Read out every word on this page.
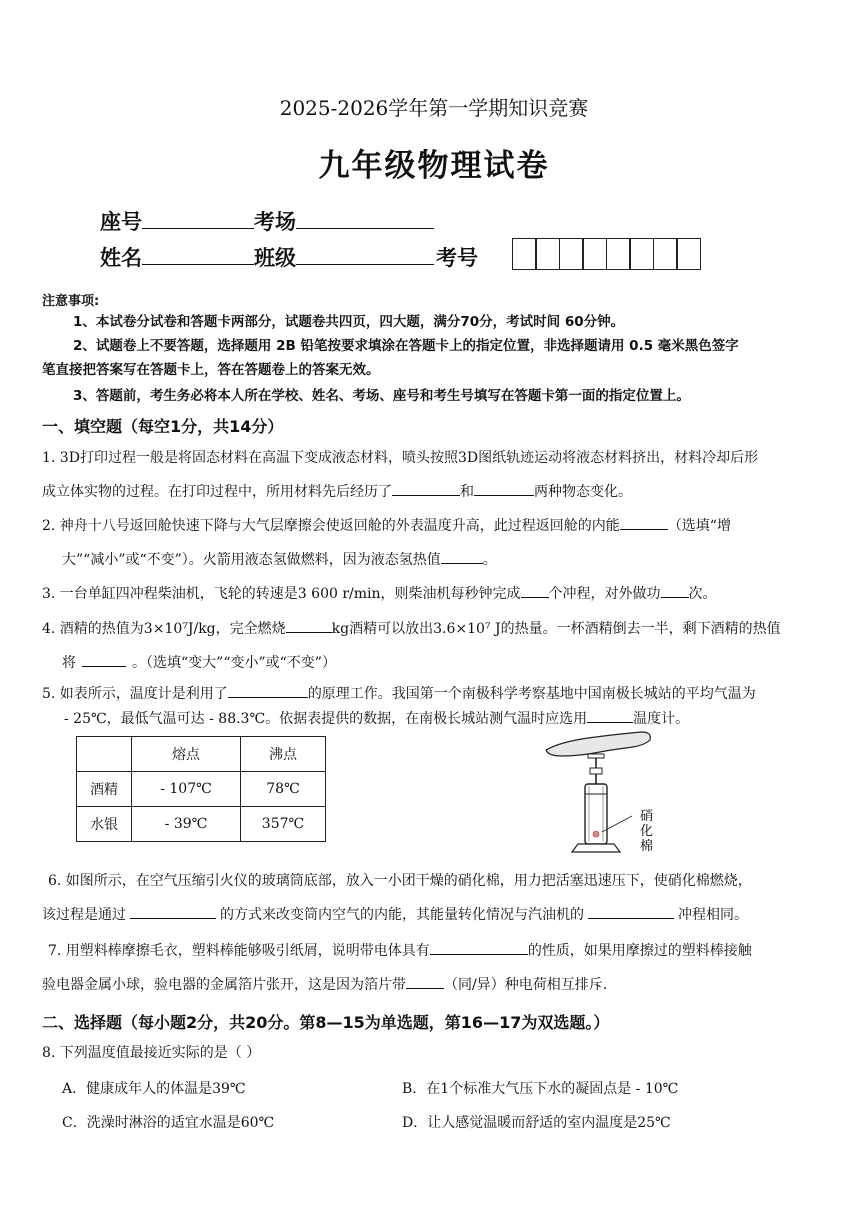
2025-2026学年第一学期知识竞赛
九年级物理试卷
座号	考场
姓名	班级	考号
注意事项:
1、本试卷分试卷和答题卡两部分，试题卷共四页，四大题，满分70分，考试时间 60分钟。
2、试题卷上不要答题，选择题用 2B 铅笔按要求填涂在答题卡上的指定位置，非选择题请用 0.5 毫米黑色签字
笔直接把答案写在答题卡上，答在答题卷上的答案无效。
3、答题前，考生务必将本人所在学校、姓名、考场、座号和考生号填写在答题卡第一面的指定位置上。
一、填空题（每空1分，共14分）
1. 3D打印过程一般是将固态材料在高温下变成液态材料，喷头按照3D图纸轨迹运动将液态材料挤出，材料冷却后形
成立体实物的过程。在打印过程中，所用材料先后经历了	和	两种物态变化。
2. 神舟十八号返回舱快速下降与大气层摩擦会使返回舱的外表温度升高，此过程返回舱的内能	（选填“增
大”“减小”或“不变”）。火箭用液态氢做燃料，因为液态氢热值	。
3. 一台单缸四冲程柴油机，飞轮的转速是3 600 r/min，则柴油机每秒钟完成 个冲程，对外做功 次。
4. 酒精的热值为3×10⁷J/kg，完全燃烧	kg酒精可以放出3.6×10⁷ J的热量。一杯酒精倒去一半，剩下酒精的热值
将	。（选填“变大”“变小”或“不变”）
5. 如表所示，温度计是利用了	的原理工作。我国第一个南极科学考察基地中国南极长城站的平均气温为
- 25℃，最低气温可达 - 88.3℃。依据表提供的数据，在南极长城站测气温时应选用	温度计。
	熔点	沸点
酒精	- 107℃	78℃
水银	- 39℃	357℃	硝
化
棉
6. 如图所示，在空气压缩引火仪的玻璃筒底部，放入一小团干燥的硝化棉，用力把活塞迅速压下，使硝化棉燃烧，
该过程是通过	的方式来改变筒内空气的内能，其能量转化情况与汽油机的	冲程相同。
7. 用塑料棒摩擦毛衣，塑料棒能够吸引纸屑，说明带电体具有	的性质，如果用摩擦过的塑料棒接触
验电器金属小球，验电器的金属箔片张开，这是因为箔片带	（同/异）种电荷相互排斥.
二、选择题（每小题2分，共20分。第8—15为单选题，第16—17为双选题。）
8. 下列温度值最接近实际的是（ ）
A．健康成年人的体温是39℃	B．在1个标准大气压下水的凝固点是 - 10℃
C．洗澡时淋浴的适宜水温是60℃	D．让人感觉温暖而舒适的室内温度是25℃
